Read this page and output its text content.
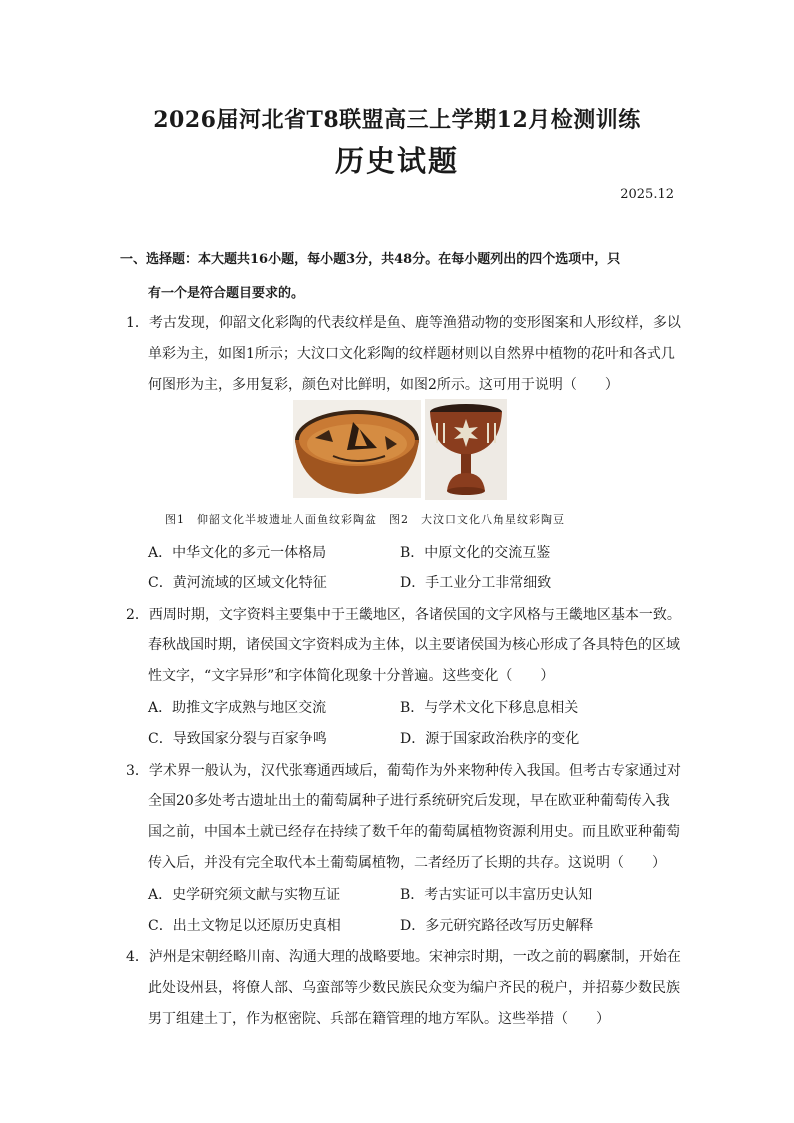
2026届河北省T8联盟高三上学期12月检测训练
历史试题
2025.12
一、选择题：本大题共16小题，每小题3分，共48分。在每小题列出的四个选项中，只
有一个是符合题目要求的。
1．考古发现，仰韶文化彩陶的代表纹样是鱼、鹿等渔猎动物的变形图案和人形纹样，多以
单彩为主，如图1所示；大汶口文化彩陶的纹样题材则以自然界中植物的花叶和各式几
何图形为主，多用复彩，颜色对比鲜明，如图2所示。这可用于说明（　　）
图1　仰韶文化半坡遗址人面鱼纹彩陶盆　图2　大汶口文化八角星纹彩陶豆
A．中华文化的多元一体格局	B．中原文化的交流互鉴
C．黄河流域的区域文化特征	D．手工业分工非常细致
2．西周时期，文字资料主要集中于王畿地区，各诸侯国的文字风格与王畿地区基本一致。
春秋战国时期，诸侯国文字资料成为主体，以主要诸侯国为核心形成了各具特色的区域
性文字，“文字异形”和字体简化现象十分普遍。这些变化（　　）
A．助推文字成熟与地区交流	B．与学术文化下移息息相关
C．导致国家分裂与百家争鸣	D．源于国家政治秩序的变化
3．学术界一般认为，汉代张骞通西域后，葡萄作为外来物种传入我国。但考古专家通过对
全国20多处考古遗址出土的葡萄属种子进行系统研究后发现，早在欧亚种葡萄传入我
国之前，中国本土就已经存在持续了数千年的葡萄属植物资源利用史。而且欧亚种葡萄
传入后，并没有完全取代本土葡萄属植物，二者经历了长期的共存。这说明（　　）
A．史学研究须文献与实物互证	B．考古实证可以丰富历史认知
C．出土文物足以还原历史真相	D．多元研究路径改写历史解释
4．泸州是宋朝经略川南、沟通大理的战略要地。宋神宗时期，一改之前的羁縻制，开始在
此处设州县，将僚人部、乌蛮部等少数民族民众变为编户齐民的税户，并招募少数民族
男丁组建土丁，作为枢密院、兵部在籍管理的地方军队。这些举措（　　）
